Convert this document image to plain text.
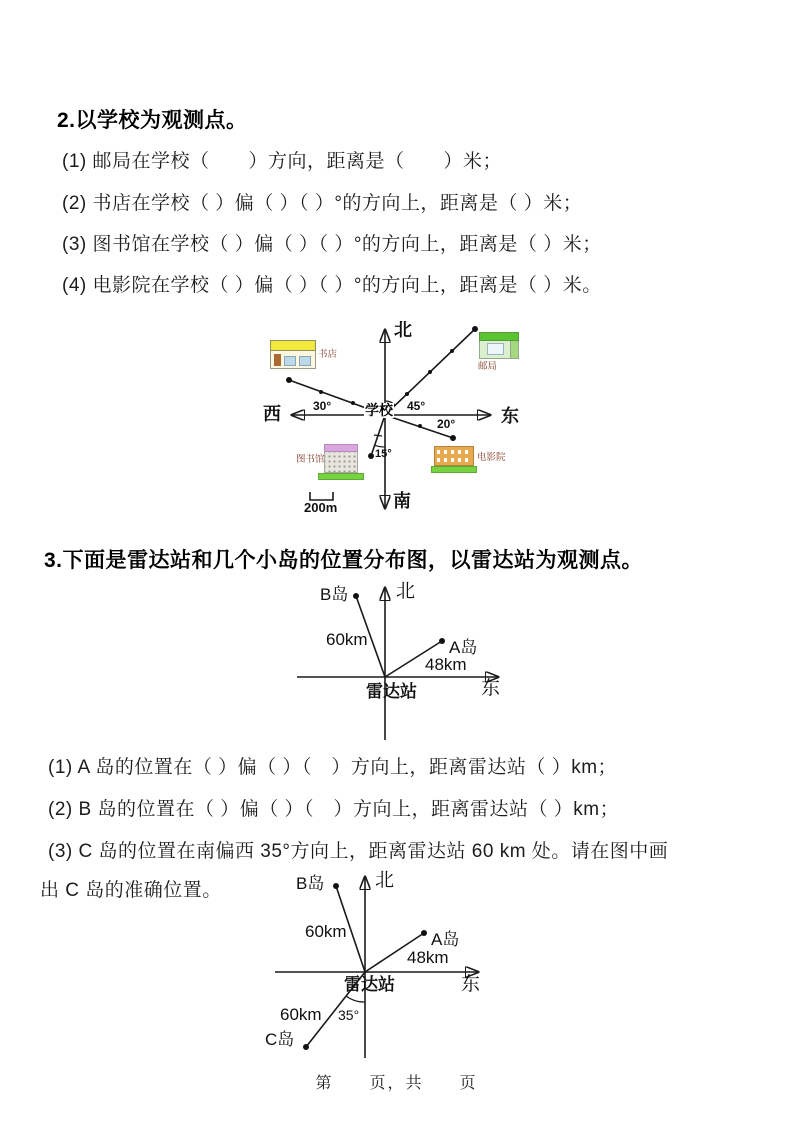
2.以学校为观测点。
(1) 邮局在学校（　　）方向，距离是（　　）米；
(2) 书店在学校（ ）偏（ ）（ ）°的方向上，距离是（ ）米；
(3) 图书馆在学校（ ）偏（ ）（ ）°的方向上，距离是（ ）米；
(4) 电影院在学校（ ）偏（ ）（ ）°的方向上，距离是（ ）米。
北
南
西	东
学校
30°	45°
20°
15°
书店
邮局
图书馆	电影院
200m
3.下面是雷达站和几个小岛的位置分布图，以雷达站为观测点。
B岛	北
60km	A岛
48km
东
雷达站
(1) A 岛的位置在（ ）偏（ ）（　）方向上，距离雷达站（ ）km；
(2) B 岛的位置在（ ）偏（ ）（　）方向上，距离雷达站（ ）km；
(3) C 岛的位置在南偏西 35°方向上，距离雷达站 60 km 处。请在图中画
出 C 岛的准确位置。	B岛	北
60km	A岛
48km
东
雷达站
60km 35°
C岛
第　　页，共　　页
